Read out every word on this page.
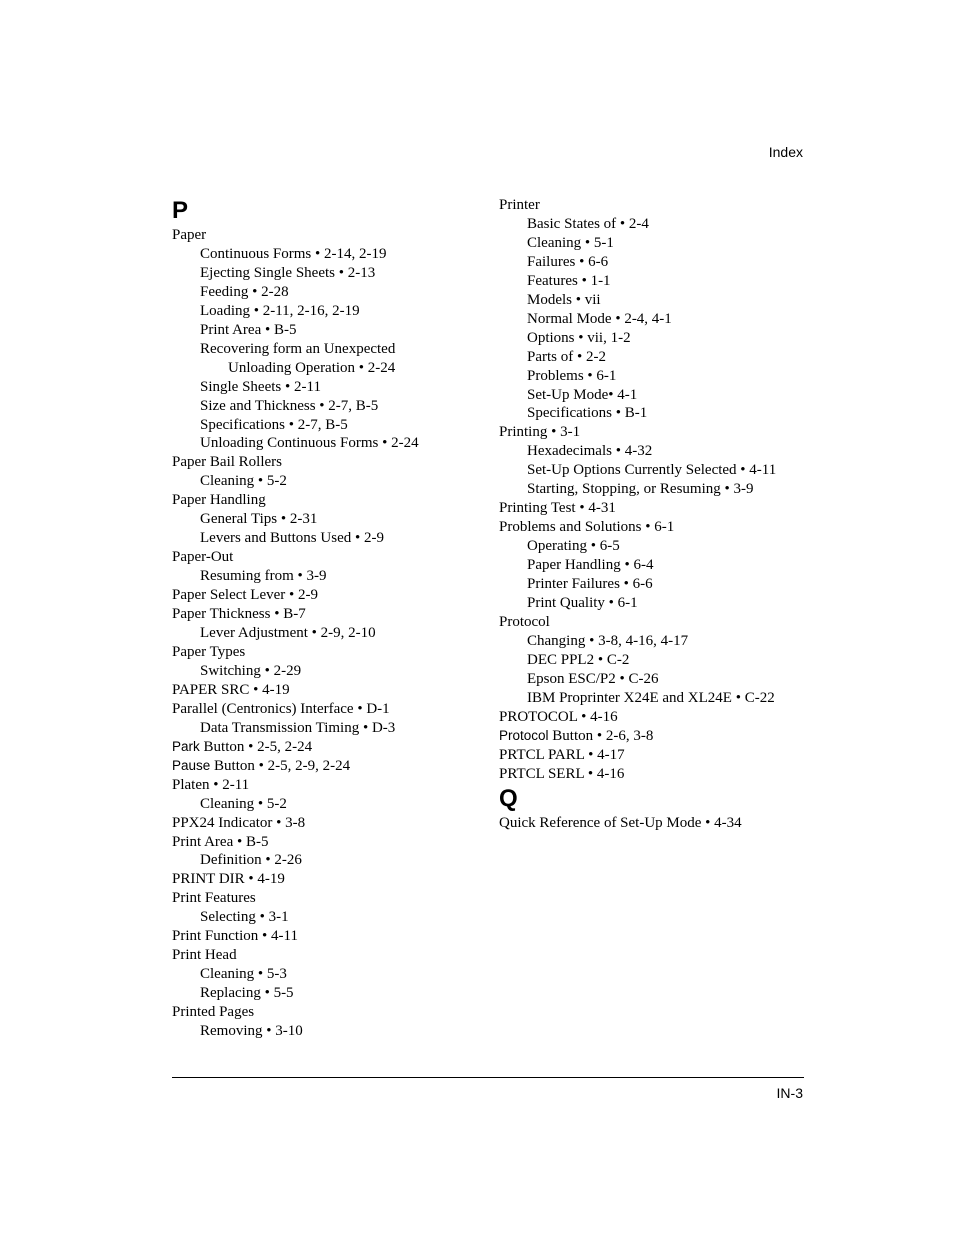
Index
P
Paper
Continuous Forms • 2-14, 2-19
Ejecting Single Sheets • 2-13
Feeding • 2-28
Loading • 2-11, 2-16, 2-19
Print Area • B-5
Recovering form an Unexpected
Unloading Operation • 2-24
Single Sheets • 2-11
Size and Thickness • 2-7, B-5
Specifications • 2-7, B-5
Unloading Continuous Forms • 2-24
Paper Bail Rollers
Cleaning • 5-2
Paper Handling
General Tips • 2-31
Levers and Buttons Used • 2-9
Paper-Out
Resuming from • 3-9
Paper Select Lever • 2-9
Paper Thickness • B-7
Lever Adjustment • 2-9, 2-10
Paper Types
Switching • 2-29
PAPER SRC • 4-19
Parallel (Centronics) Interface • D-1
Data Transmission Timing • D-3
Park Button • 2-5, 2-24
Pause Button • 2-5, 2-9, 2-24
Platen • 2-11
Cleaning • 5-2
PPX24 Indicator • 3-8
Print Area • B-5
Definition • 2-26
PRINT DIR • 4-19
Print Features
Selecting • 3-1
Print Function • 4-11
Print Head
Cleaning • 5-3
Replacing • 5-5
Printed Pages
Removing • 3-10
Printer
Basic States of • 2-4
Cleaning • 5-1
Failures • 6-6
Features • 1-1
Models • vii
Normal Mode • 2-4, 4-1
Options • vii, 1-2
Parts of • 2-2
Problems • 6-1
Set-Up Mode• 4-1
Specifications • B-1
Printing • 3-1
Hexadecimals • 4-32
Set-Up Options Currently Selected • 4-11
Starting, Stopping, or Resuming • 3-9
Printing Test • 4-31
Problems and Solutions • 6-1
Operating • 6-5
Paper Handling • 6-4
Printer Failures • 6-6
Print Quality • 6-1
Protocol
Changing • 3-8, 4-16, 4-17
DEC PPL2 • C-2
Epson ESC/P2 • C-26
IBM Proprinter X24E and XL24E • C-22
PROTOCOL • 4-16
Protocol Button • 2-6, 3-8
PRTCL PARL • 4-17
PRTCL SERL • 4-16
Q
Quick Reference of Set-Up Mode • 4-34
IN-3
